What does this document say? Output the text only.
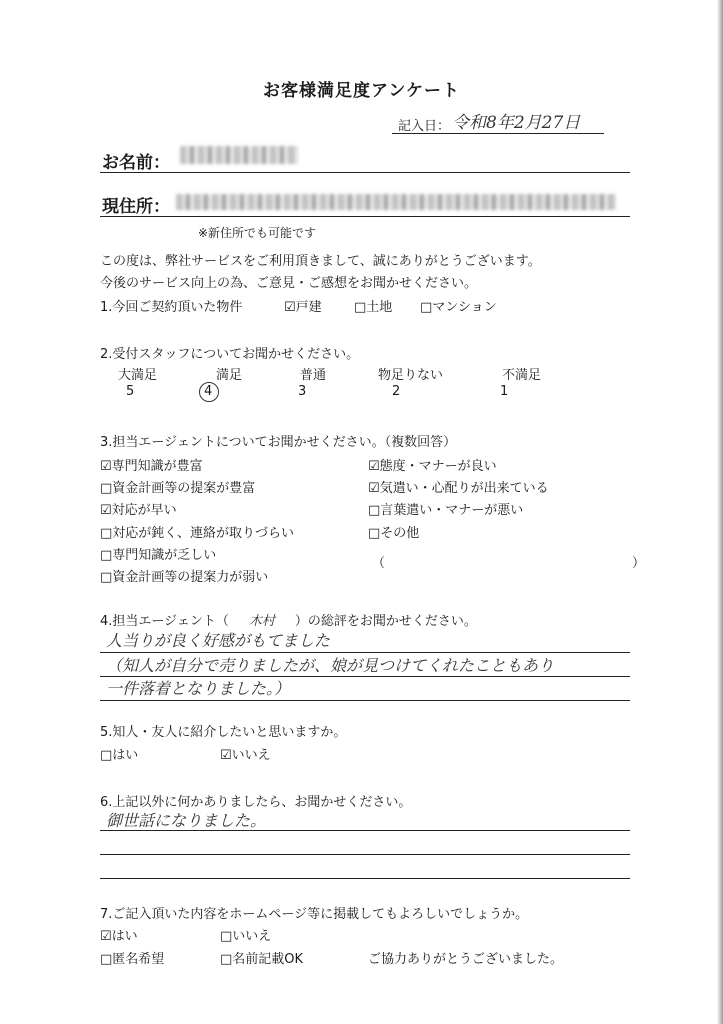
お客様満足度アンケート
記入日： 令和8年2月27日
お名前：
現住所：
※新住所でも可能です
この度は、弊社サービスをご利用頂きまして、誠にありがとうございます。
今後のサービス向上の為、ご意見・ご感想をお聞かせください。
1.今回ご契約頂いた物件	☑戸建 □土地 □マンション
2.受付スタッフについてお聞かせください。
大満足	満足	普通	物足りない	不満足
5	4	3	2	1
3.担当エージェントについてお聞かせください。（複数回答）
☑専門知識が豊富
□資金計画等の提案が豊富
☑対応が早い
□対応が鈍く、連絡が取りづらい
□専門知識が乏しい
□資金計画等の提案力が弱い
☑態度・マナーが良い
☑気遣い・心配りが出来ている
□言葉遣い・マナーが悪い
□その他
（　　　　　　　　　　　　　　　　　　　）
4.担当エージェント（ 木村 ）の総評をお聞かせください。
人当りが良く好感がもてました
（知人が自分で売りましたが、娘が見つけてくれたこともあり
一件落着となりました。）
5.知人・友人に紹介したいと思いますか。
□はい	☑いいえ
6.上記以外に何かありましたら、お聞かせください。
御世話になりました。
7.ご記入頂いた内容をホームページ等に掲載してもよろしいでしょうか。
☑はい	□いいえ
□匿名希望	□名前記載OK	ご協力ありがとうございました。
